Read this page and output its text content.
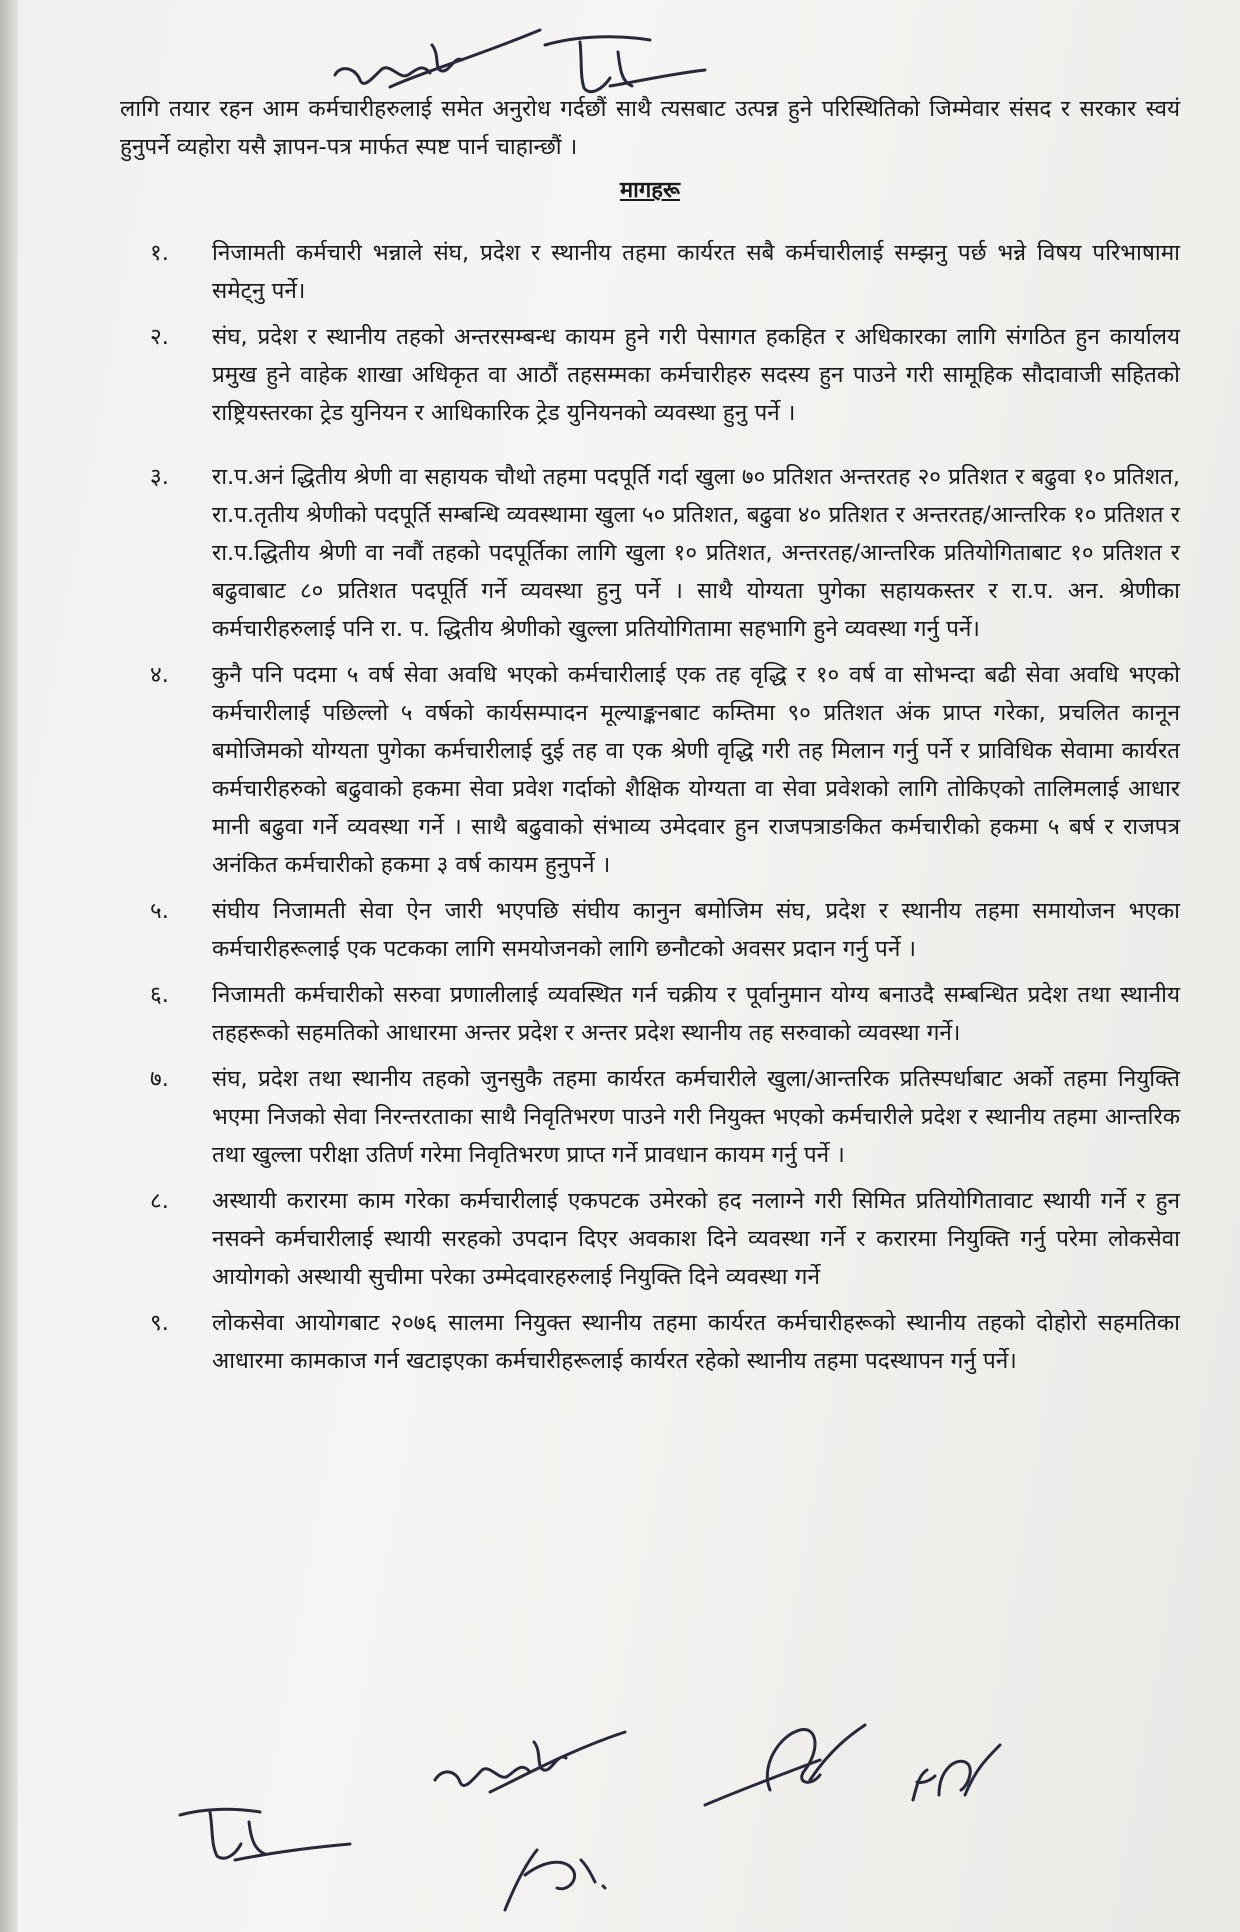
लागि तयार रहन आम कर्मचारीहरुलाई समेत अनुरोध गर्दछौं साथै त्यसबाट उत्पन्न हुने परिस्थितिको जिम्मेवार संसद र सरकार स्वयं हुनुपर्ने व्यहोरा यसै ज्ञापन-पत्र मार्फत स्पष्ट पार्न चाहान्छौं ।

मागहरू
१.	निजामती कर्मचारी भन्नाले संघ, प्रदेश र स्थानीय तहमा कार्यरत सबै कर्मचारीलाई सम्झनु पर्छ भन्ने विषय परिभाषामा समेट्नु पर्ने।
२.	संघ, प्रदेश र स्थानीय तहको अन्तरसम्बन्ध कायम हुने गरी पेसागत हकहित र अधिकारका लागि संगठित हुन कार्यालय प्रमुख हुने वाहेक शाखा अधिकृत वा आठौं तहसम्मका कर्मचारीहरु सदस्य हुन पाउने गरी सामूहिक सौदावाजी सहितको राष्ट्रियस्तरका ट्रेड युनियन र आधिकारिक ट्रेड युनियनको व्यवस्था हुनु पर्ने ।
३.	रा.प.अनं द्धितीय श्रेणी वा सहायक चौथो तहमा पदपूर्ति गर्दा खुला ७० प्रतिशत अन्तरतह २० प्रतिशत र बढुवा १० प्रतिशत, रा.प.तृतीय श्रेणीको पदपूर्ति सम्बन्धि व्यवस्थामा खुला ५० प्रतिशत, बढुवा ४० प्रतिशत र अन्तरतह/आन्तरिक १० प्रतिशत र रा.प.द्धितीय श्रेणी वा नवौं तहको पदपूर्तिका लागि खुला १० प्रतिशत, अन्तरतह/आन्तरिक प्रतियोगिताबाट १० प्रतिशत र बढुवाबाट ८० प्रतिशत पदपूर्ति गर्ने व्यवस्था हुनु पर्ने । साथै योग्यता पुगेका सहायकस्तर र रा.प. अन. श्रेणीका कर्मचारीहरुलाई पनि रा. प. द्धितीय श्रेणीको खुल्ला प्रतियोगितामा सहभागि हुने व्यवस्था गर्नु पर्ने।
४.	कुनै पनि पदमा ५ वर्ष सेवा अवधि भएको कर्मचारीलाई एक तह वृद्धि र १० वर्ष वा सोभन्दा बढी सेवा अवधि भएको कर्मचारीलाई पछिल्लो ५ वर्षको कार्यसम्पादन मूल्याङ्कनबाट कम्तिमा ९० प्रतिशत अंक प्राप्त गरेका, प्रचलित कानून बमोजिमको योग्यता पुगेका कर्मचारीलाई दुई तह वा एक श्रेणी वृद्धि गरी तह मिलान गर्नु पर्ने र प्राविधिक सेवामा कार्यरत कर्मचारीहरुको बढुवाको हकमा सेवा प्रवेश गर्दाको शैक्षिक योग्यता वा सेवा प्रवेशको लागि तोकिएको तालिमलाई आधार मानी बढुवा गर्ने व्यवस्था गर्ने । साथै बढुवाको संभाव्य उमेदवार हुन राजपत्राङकित कर्मचारीको हकमा ५ बर्ष र राजपत्र अनंकित कर्मचारीको हकमा ३ वर्ष कायम हुनुपर्ने ।
५.	संघीय निजामती सेवा ऐन जारी भएपछि संघीय कानुन बमोजिम संघ, प्रदेश र स्थानीय तहमा समायोजन भएका कर्मचारीहरूलाई एक पटकका लागि समयोजनको लागि छनौटको अवसर प्रदान गर्नु पर्ने ।
६.	निजामती कर्मचारीको सरुवा प्रणालीलाई व्यवस्थित गर्न चक्रीय र पूर्वानुमान योग्य बनाउदै सम्बन्धित प्रदेश तथा स्थानीय तहहरूको सहमतिको आधारमा अन्तर प्रदेश र अन्तर प्रदेश स्थानीय तह सरुवाको व्यवस्था गर्ने।
७.	संघ, प्रदेश तथा स्थानीय तहको जुनसुकै तहमा कार्यरत कर्मचारीले खुला/आन्तरिक प्रतिस्पर्धाबाट अर्को तहमा नियुक्ति भएमा निजको सेवा निरन्तरताका साथै निवृतिभरण पाउने गरी नियुक्त भएको कर्मचारीले प्रदेश र स्थानीय तहमा आन्तरिक तथा खुल्ला परीक्षा उतिर्ण गरेमा निवृतिभरण प्राप्त गर्ने प्रावधान कायम गर्नु पर्ने ।
८.	अस्थायी करारमा काम गरेका कर्मचारीलाई एकपटक उमेरको हद नलाग्ने गरी सिमित प्रतियोगितावाट स्थायी गर्ने र हुन नसक्ने कर्मचारीलाई स्थायी सरहको उपदान दिएर अवकाश दिने व्यवस्था गर्ने र करारमा नियुक्ति गर्नु परेमा लोकसेवा आयोगको अस्थायी सुचीमा परेका उम्मेदवारहरुलाई नियुक्ति दिने व्यवस्था गर्ने
९.	लोकसेवा आयोगबाट २०७६ सालमा नियुक्त स्थानीय तहमा कार्यरत कर्मचारीहरूको स्थानीय तहको दोहोरो सहमतिका आधारमा कामकाज गर्न खटाइएका कर्मचारीहरूलाई कार्यरत रहेको स्थानीय तहमा पदस्थापन गर्नु पर्ने।
